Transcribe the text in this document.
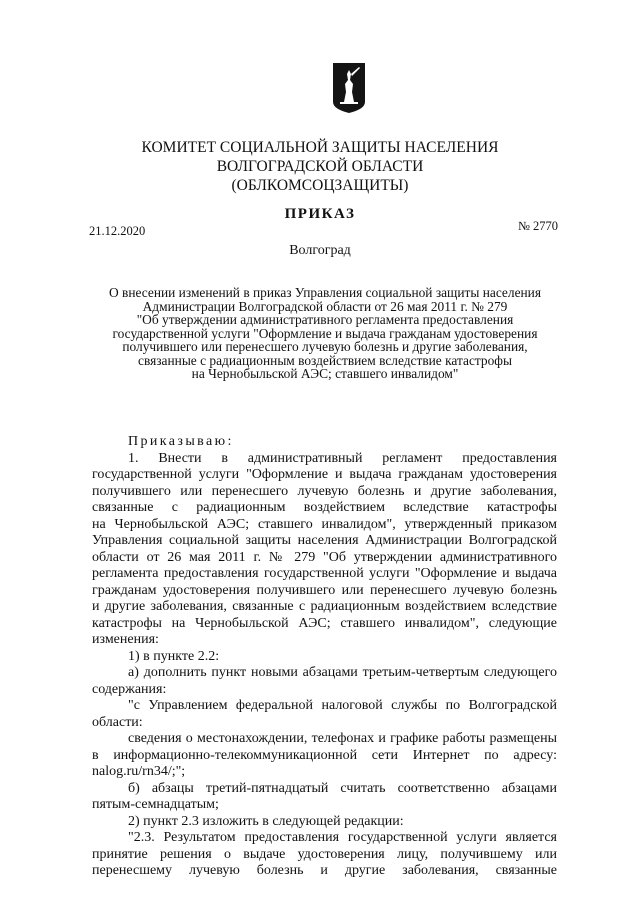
КОМИТЕТ СОЦИАЛЬНОЙ ЗАЩИТЫ НАСЕЛЕНИЯ
ВОЛГОГРАДСКОЙ ОБЛАСТИ
(ОБЛКОМСОЦЗАЩИТЫ)
ПРИКАЗ
21.12.2020	№ 2770
Волгоград
О внесении изменений в приказ Управления социальной защиты населения
Администрации Волгоградской области от 26 мая 2011 г. № 279
"Об утверждении административного регламента предоставления
государственной услуги "Оформление и выдача гражданам удостоверения
получившего или перенесшего лучевую болезнь и другие заболевания,
связанные с радиационным воздействием вследствие катастрофы
на Чернобыльской АЭС; ставшего инвалидом"
Приказываю:
1. Внести в административный регламент предоставления
государственной услуги "Оформление и выдача гражданам удостоверения
получившего или перенесшего лучевую болезнь и другие заболевания,
связанные с радиационным воздействием вследствие катастрофы
на Чернобыльской АЭС; ставшего инвалидом", утвержденный приказом
Управления социальной защиты населения Администрации Волгоградской
области от 26 мая 2011 г. № 279 "Об утверждении административного
регламента предоставления государственной услуги "Оформление и выдача
гражданам удостоверения получившего или перенесшего лучевую болезнь
и другие заболевания, связанные с радиационным воздействием вследствие
катастрофы на Чернобыльской АЭС; ставшего инвалидом", следующие
изменения:
1) в пункте 2.2:
а) дополнить пункт новыми абзацами третьим-четвертым следующего
содержания:
"с Управлением федеральной налоговой службы по Волгоградской
области:
сведения о местонахождении, телефонах и графике работы размещены
в информационно-телекоммуникационной сети Интернет по адресу:
nalog.ru/rn34/;";
б) абзацы третий-пятнадцатый считать соответственно абзацами
пятым-семнадцатым;
2) пункт 2.3 изложить в следующей редакции:
"2.3. Результатом предоставления государственной услуги является
принятие решения о выдаче удостоверения лицу, получившему или
перенесшему лучевую болезнь и другие заболевания, связанные
